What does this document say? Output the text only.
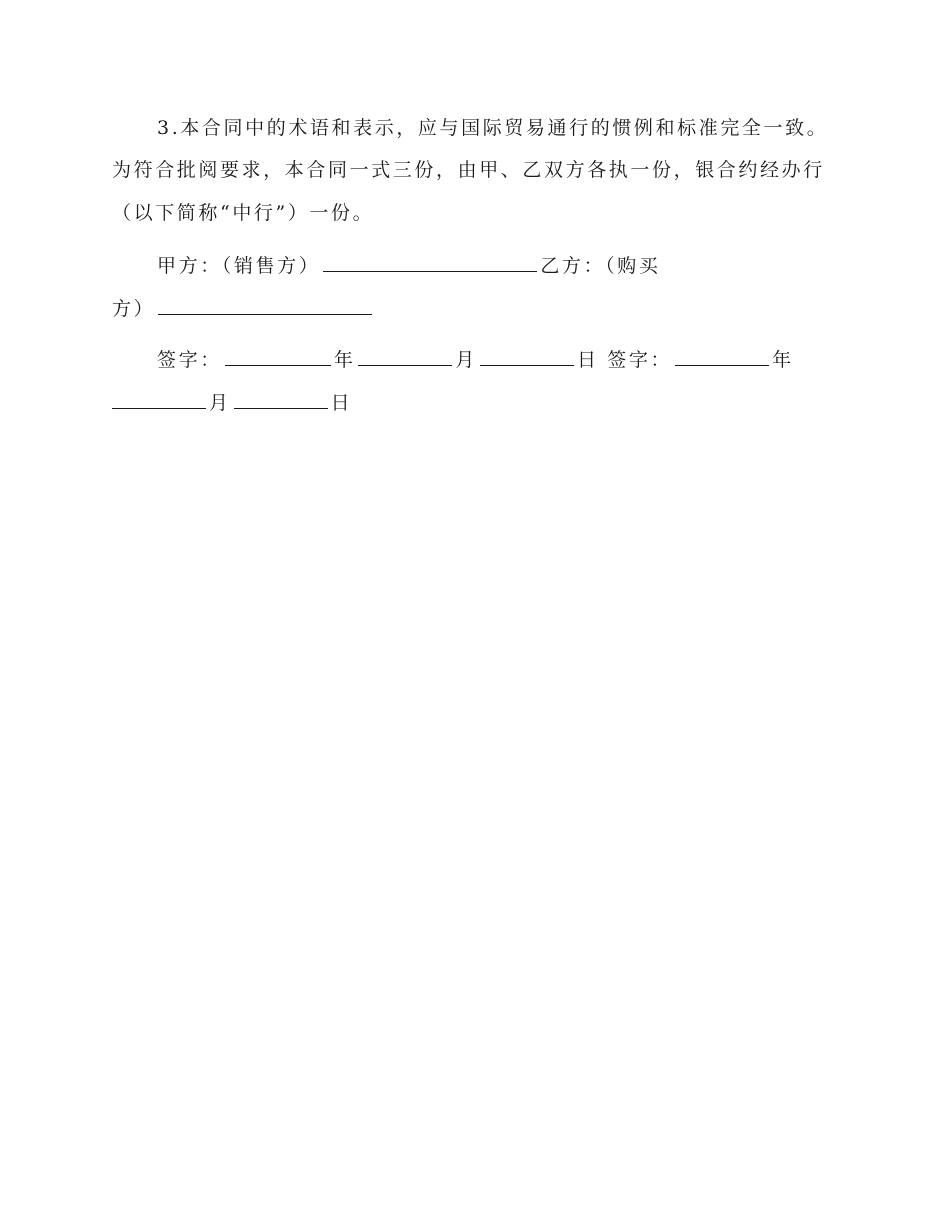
3.本合同中的术语和表示，应与国际贸易通行的惯例和标准完全一致。
为符合批阅要求，本合同一式三份，由甲、乙双方各执一份，银合约经办行
（以下简称“中行”）一份。
甲方：（销售方）	乙方：（购买
方）
签字：	年	月	日 签字：	年
月	日
